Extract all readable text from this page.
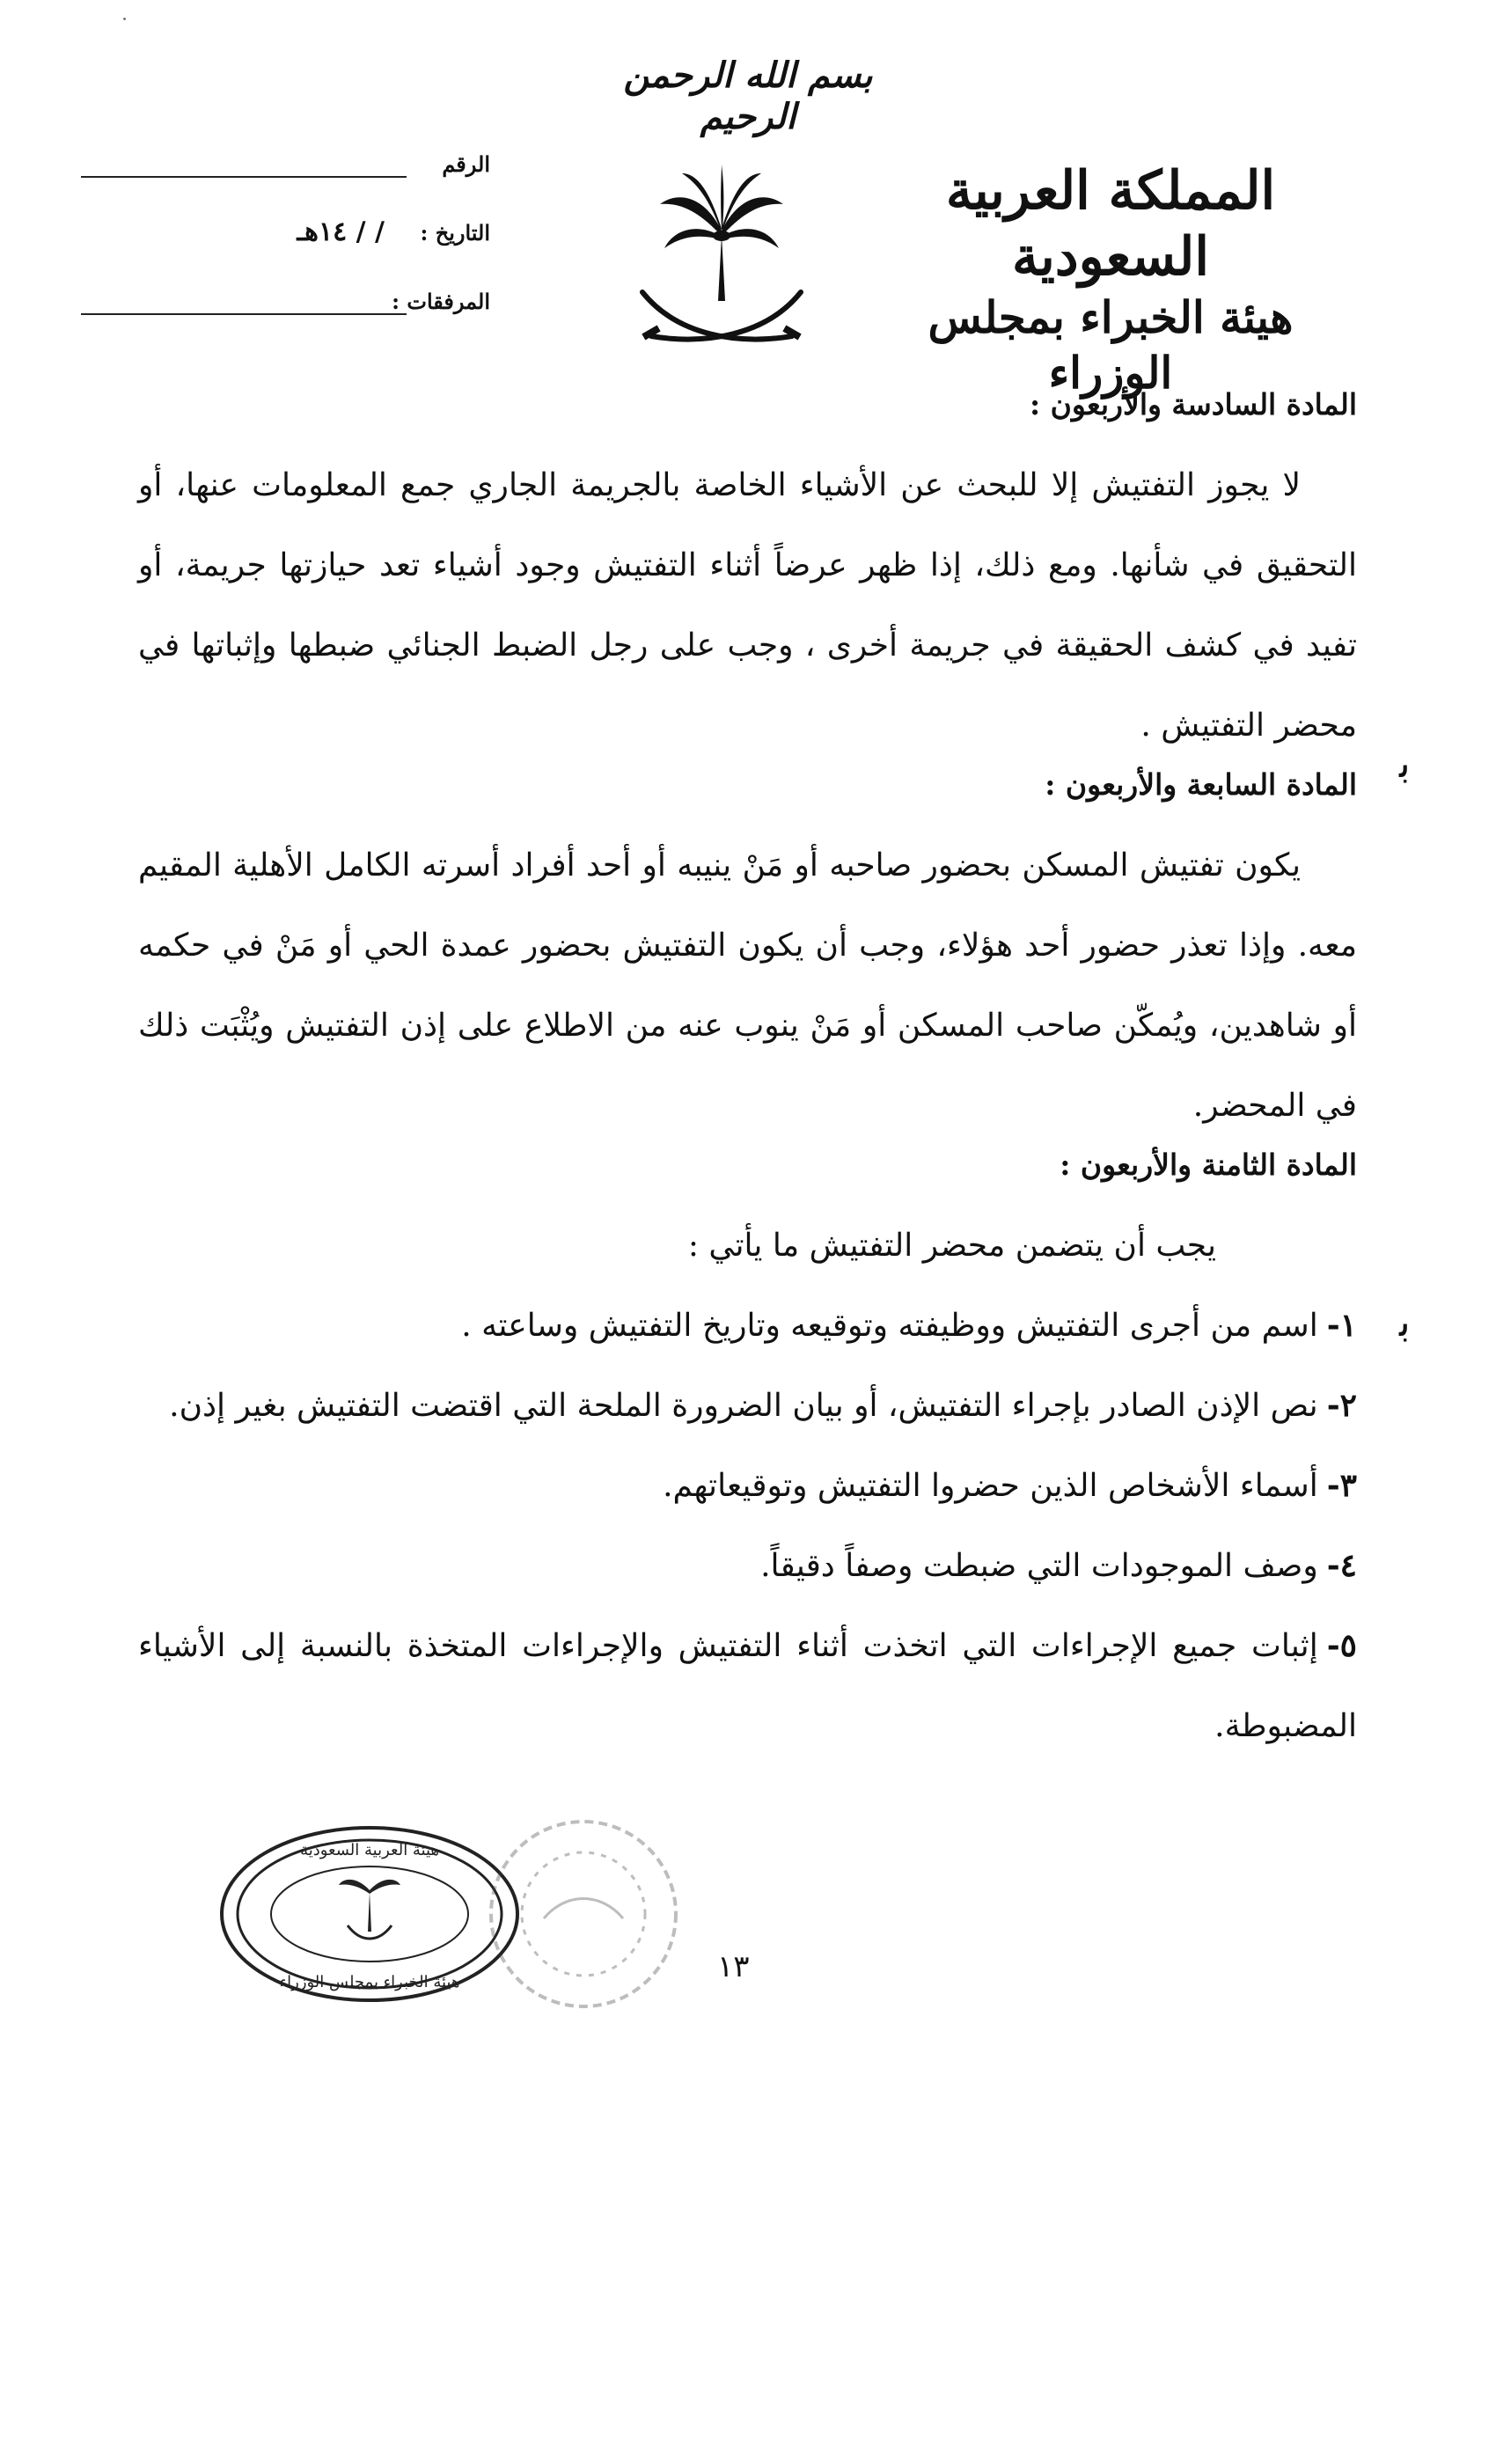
بسم الله الرحمن الرحيم
المملكة العربية السعودية
هيئة الخبراء بمجلس الوزراء
الرقم
التاريخ :
/ / ١٤هـ
المرفقات :

المادة السادسة والأربعون :

لا يجوز التفتيش إلا للبحث عن الأشياء الخاصة بالجريمة الجاري جمع المعلومات عنها، أو التحقيق في شأنها. ومع ذلك، إذا ظهر عرضاً أثناء التفتيش وجود أشياء تعد حيازتها جريمة، أو تفيد في كشف الحقيقة في جريمة أخرى ، وجب على رجل الضبط الجنائي ضبطها وإثباتها في محضر التفتيش .

المادة السابعة والأربعون :

يكون تفتيش المسكن بحضور صاحبه أو مَنْ ينيبه أو أحد أفراد أسرته الكامل الأهلية المقيم معه. وإذا تعذر حضور أحد هؤلاء، وجب أن يكون التفتيش بحضور عمدة الحي أو مَنْ في حكمه أو شاهدين، ويُمكّن صاحب المسكن أو مَنْ ينوب عنه من الاطلاع على إذن التفتيش ويُثْبَت ذلك في المحضر.

المادة الثامنة والأربعون :

يجب أن يتضمن محضر التفتيش ما يأتي :

١-اسم من أجرى التفتيش ووظيفته وتوقيعه وتاريخ التفتيش وساعته .

٢-نص الإذن الصادر بإجراء التفتيش، أو بيان الضرورة الملحة التي اقتضت التفتيش بغير إذن.

٣-أسماء الأشخاص الذين حضروا التفتيش وتوقيعاتهم.

٤-وصف الموجودات التي ضبطت وصفاً دقيقاً.

٥-إثبات جميع الإجراءات التي اتخذت أثناء التفتيش والإجراءات المتخذة بالنسبة إلى الأشياء المضبوطة.

ﺑ
ﺑ
هيئة العربية السعودية
هيئة الخبراء بمجلس الوزراء	١٣
